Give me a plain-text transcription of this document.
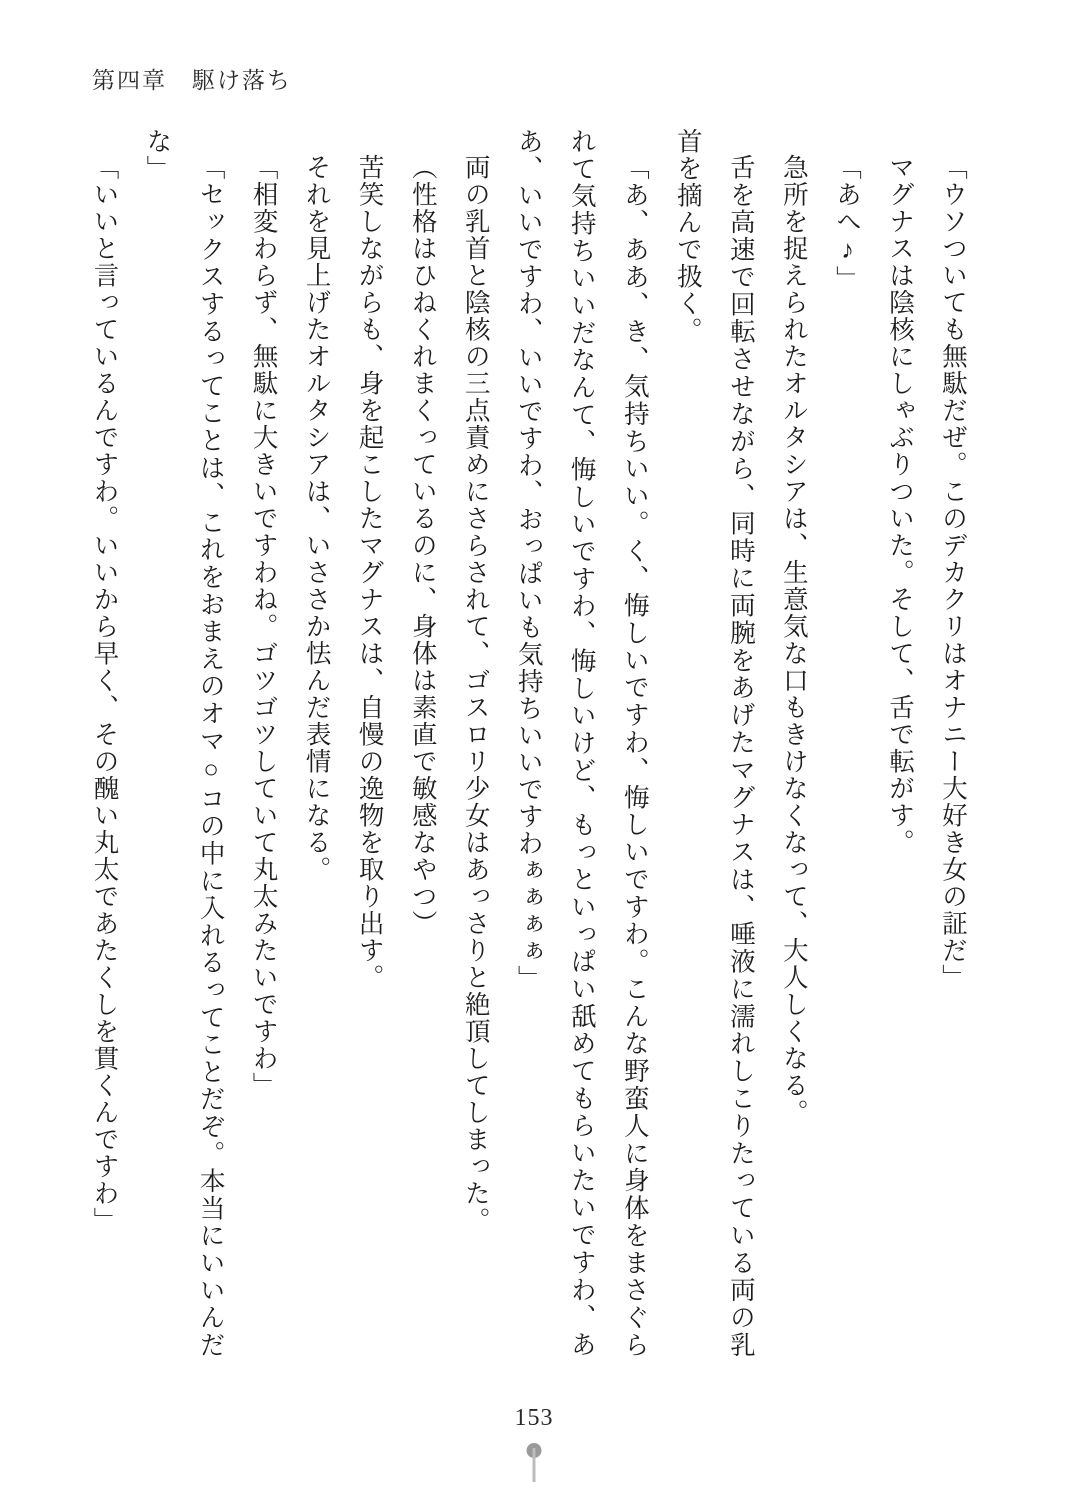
第四章　駆け落ち

「ウソついても無駄だぜ。このデカクリはオナニー大好き女の証だ」

マグナスは陰核にしゃぶりついた。そして、舌で転がす。

「あへ♪」

急所を捉えられたオルタシアは、生意気な口もきけなくなって、大人しくなる。

舌を高速で回転させながら、同時に両腕をあげたマグナスは、唾液に濡れしこりたっている両の乳首を摘んで扱く。

「あ、ああ、き、気持ちいい。く、悔しいですわ、悔しいですわ。こんな野蛮人に身体をまさぐられて気持ちいいだなんて、悔しいですわ、悔しいけど、もっといっぱい舐めてもらいたいですわ、ああ、いいですわ、いいですわ、おっぱいも気持ちいいですわぁぁぁぁ」

両の乳首と陰核の三点責めにさらされて、ゴスロリ少女はあっさりと絶頂してしまった。

（性格はひねくれまくっているのに、身体は素直で敏感なやつ）

苦笑しながらも、身を起こしたマグナスは、自慢の逸物を取り出す。

それを見上げたオルタシアは、いささか怯んだ表情になる。

「相変わらず、無駄に大きいですわね。ゴツゴツしていて丸太みたいですわ」

「セックスするってことは、これをおまえのオマ○コの中に入れるってことだぞ。本当にいいんだな」

「いいと言っているんですわ。いいから早く、その醜い丸太であたくしを貫くんですわ」

153
